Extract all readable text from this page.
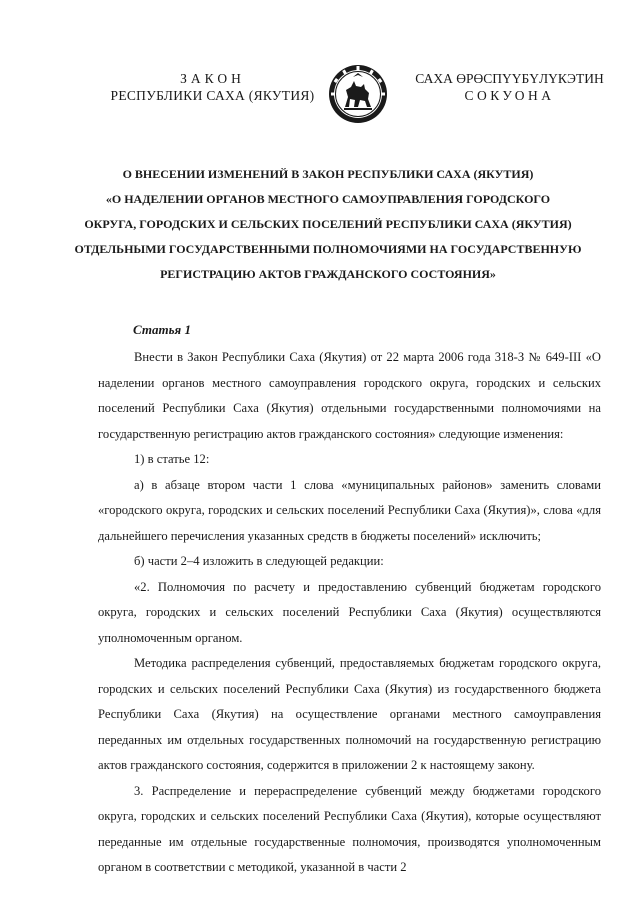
ЗАКОН
РЕСПУБЛИКИ САХА (ЯКУТИЯ)
САХА ӨРӨСПҮҮБҮЛҮКЭТИН
СОКУОНА
О ВНЕСЕНИИ ИЗМЕНЕНИЙ В ЗАКОН РЕСПУБЛИКИ САХА (ЯКУТИЯ)
«О НАДЕЛЕНИИ ОРГАНОВ МЕСТНОГО САМОУПРАВЛЕНИЯ ГОРОДСКОГО
ОКРУГА, ГОРОДСКИХ И СЕЛЬСКИХ ПОСЕЛЕНИЙ РЕСПУБЛИКИ САХА (ЯКУТИЯ)
ОТДЕЛЬНЫМИ ГОСУДАРСТВЕННЫМИ ПОЛНОМОЧИЯМИ НА ГОСУДАРСТВЕННУЮ
РЕГИСТРАЦИЮ АКТОВ ГРАЖДАНСКОГО СОСТОЯНИЯ»
Статья 1

Внести в Закон Республики Саха (Якутия) от 22 марта 2006 года 318-З № 649-III «О наделении органов местного самоуправления городского округа, городских и сельских поселений Республики Саха (Якутия) отдельными государственными полномочиями на государственную регистрацию актов гражданского состояния» следующие изменения:

1) в статье 12:

а) в абзаце втором части 1 слова «муниципальных районов» заменить словами «городского округа, городских и сельских поселений Республики Саха (Якутия)», слова «для дальнейшего перечисления указанных средств в бюджеты поселений» исключить;

б) части 2–4 изложить в следующей редакции:

«2. Полномочия по расчету и предоставлению субвенций бюджетам городского округа, городских и сельских поселений Республики Саха (Якутия) осуществляются уполномоченным органом.

Методика распределения субвенций, предоставляемых бюджетам городского округа, городских и сельских поселений Республики Саха (Якутия) из государственного бюджета Республики Саха (Якутия) на осуществление органами местного самоуправления переданных им отдельных государственных полномочий на государственную регистрацию актов гражданского состояния, содержится в приложении 2 к настоящему закону.

3. Распределение и перераспределение субвенций между бюджетами городского округа, городских и сельских поселений Республики Саха (Якутия), которые осуществляют переданные им отдельные государственные полномочия, производятся уполномоченным органом в соответствии с методикой, указанной в части 2
